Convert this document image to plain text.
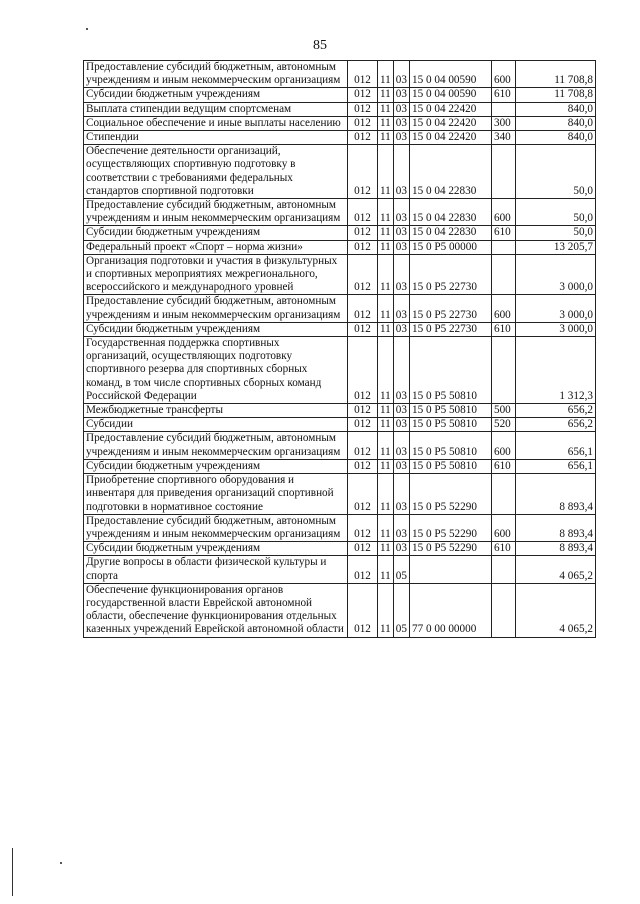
85
Предоставление субсидий бюджетным, автономным учреждениям и иным некоммерческим организациям	012	11	03	15 0 04 00590	600	11 708,8
Субсидии бюджетным учреждениям	012	11	03	15 0 04 00590	610	11 708,8
Выплата стипендии ведущим спортсменам	012	11	03	15 0 04 22420		840,0
Социальное обеспечение и иные выплаты населению	012	11	03	15 0 04 22420	300	840,0
Стипендии	012	11	03	15 0 04 22420	340	840,0
Обеспечение деятельности организаций, осуществляющих спортивную подготовку в соответствии с требованиями федеральных стандартов спортивной подготовки	012	11	03	15 0 04 22830		50,0
Предоставление субсидий бюджетным, автономным учреждениям и иным некоммерческим организациям	012	11	03	15 0 04 22830	600	50,0
Субсидии бюджетным учреждениям	012	11	03	15 0 04 22830	610	50,0
Федеральный проект «Спорт – норма жизни»	012	11	03	15 0 P5 00000		13 205,7
Организация подготовки и участия в физкультурных и спортивных мероприятиях межрегионального, всероссийского и международного уровней	012	11	03	15 0 P5 22730		3 000,0
Предоставление субсидий бюджетным, автономным учреждениям и иным некоммерческим организациям	012	11	03	15 0 P5 22730	600	3 000,0
Субсидии бюджетным учреждениям	012	11	03	15 0 P5 22730	610	3 000,0
Государственная поддержка спортивных организаций, осуществляющих подготовку спортивного резерва для спортивных сборных команд, в том числе спортивных сборных команд Российской Федерации	012	11	03	15 0 P5 50810		1 312,3
Межбюджетные трансферты	012	11	03	15 0 P5 50810	500	656,2
Субсидии	012	11	03	15 0 P5 50810	520	656,2
Предоставление субсидий бюджетным, автономным учреждениям и иным некоммерческим организациям	012	11	03	15 0 P5 50810	600	656,1
Субсидии бюджетным учреждениям	012	11	03	15 0 P5 50810	610	656,1
Приобретение спортивного оборудования и инвентаря для приведения организаций спортивной подготовки в нормативное состояние	012	11	03	15 0 P5 52290		8 893,4
Предоставление субсидий бюджетным, автономным учреждениям и иным некоммерческим организациям	012	11	03	15 0 P5 52290	600	8 893,4
Субсидии бюджетным учреждениям	012	11	03	15 0 P5 52290	610	8 893,4
Другие вопросы в области физической культуры и спорта	012	11	05			4 065,2
Обеспечение функционирования органов государственной власти Еврейской автономной области, обеспечение функционирования отдельных казенных учреждений Еврейской автономной области	012	11	05	77 0 00 00000		4 065,2
